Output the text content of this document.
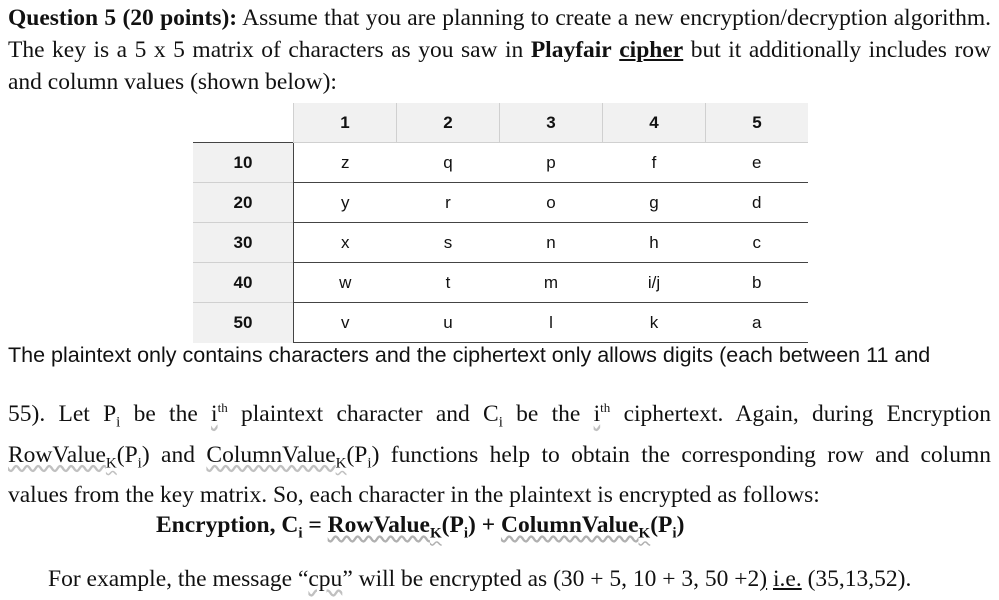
Question 5 (20 points): Assume that you are planning to create a new encryption/decryption algorithm. The key is a 5 x 5 matrix of characters as you saw in Playfair cipher but it additionally includes row and column values (shown below):
	1	2	3	4	5
10	z	q	p	f	e
20	y	r	o	g	d
30	x	s	n	h	c
40	w	t	m	i/j	b
50	v	u	l	k	a
The plaintext only contains characters and the ciphertext only allows digits (each between 11 and
55). Let $P_i$ be the $i^{th}$ plaintext character and $C_i$ be the $i^{th}$ ciphertext. Again, during Encryption
$RowValue_K(P_i)$ and $ColumnValue_K(P_i)$ functions help to obtain the corresponding row and column
values from the key matrix. So, each character in the plaintext is encrypted as follows:
Encryption, $C_i$ = $RowValue_K(P_i)$ + $ColumnValue_K(P_i)$
For example, the message “cpu” will be encrypted as (30 + 5, 10 + 3, 50 +2) i.e. (35,13,52).
